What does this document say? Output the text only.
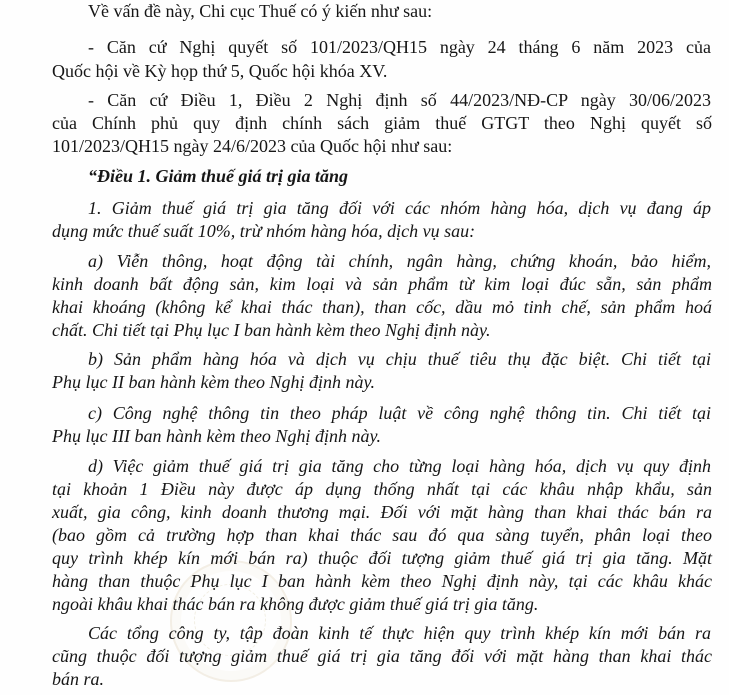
Về vấn đề này, Chi cục Thuế có ý kiến như sau:
- Căn cứ Nghị quyết số 101/2023/QH15 ngày 24 tháng 6 năm 2023 của
Quốc hội về Kỳ họp thứ 5, Quốc hội khóa XV.
- Căn cứ Điều 1, Điều 2 Nghị định số 44/2023/NĐ-CP ngày 30/06/2023
của Chính phủ quy định chính sách giảm thuế GTGT theo Nghị quyết số
101/2023/QH15 ngày 24/6/2023 của Quốc hội như sau:
“Điều 1. Giảm thuế giá trị gia tăng
1. Giảm thuế giá trị gia tăng đối với các nhóm hàng hóa, dịch vụ đang áp
dụng mức thuế suất 10%, trừ nhóm hàng hóa, dịch vụ sau:
a) Viễn thông, hoạt động tài chính, ngân hàng, chứng khoán, bảo hiểm,
kinh doanh bất động sản, kim loại và sản phẩm từ kim loại đúc sẵn, sản phẩm
khai khoáng (không kể khai thác than), than cốc, dầu mỏ tinh chế, sản phẩm hoá
chất. Chi tiết tại Phụ lục I ban hành kèm theo Nghị định này.
b) Sản phẩm hàng hóa và dịch vụ chịu thuế tiêu thụ đặc biệt. Chi tiết tại
Phụ lục II ban hành kèm theo Nghị định này.
c) Công nghệ thông tin theo pháp luật về công nghệ thông tin. Chi tiết tại
Phụ lục III ban hành kèm theo Nghị định này.
d) Việc giảm thuế giá trị gia tăng cho từng loại hàng hóa, dịch vụ quy định
tại khoản 1 Điều này được áp dụng thống nhất tại các khâu nhập khẩu, sản
xuất, gia công, kinh doanh thương mại. Đối với mặt hàng than khai thác bán ra
(bao gồm cả trường hợp than khai thác sau đó qua sàng tuyển, phân loại theo
quy trình khép kín mới bán ra) thuộc đối tượng giảm thuế giá trị gia tăng. Mặt
hàng than thuộc Phụ lục I ban hành kèm theo Nghị định này, tại các khâu khác
ngoài khâu khai thác bán ra không được giảm thuế giá trị gia tăng.
Các tổng công ty, tập đoàn kinh tế thực hiện quy trình khép kín mới bán ra
cũng thuộc đối tượng giảm thuế giá trị gia tăng đối với mặt hàng than khai thác
bán ra.
